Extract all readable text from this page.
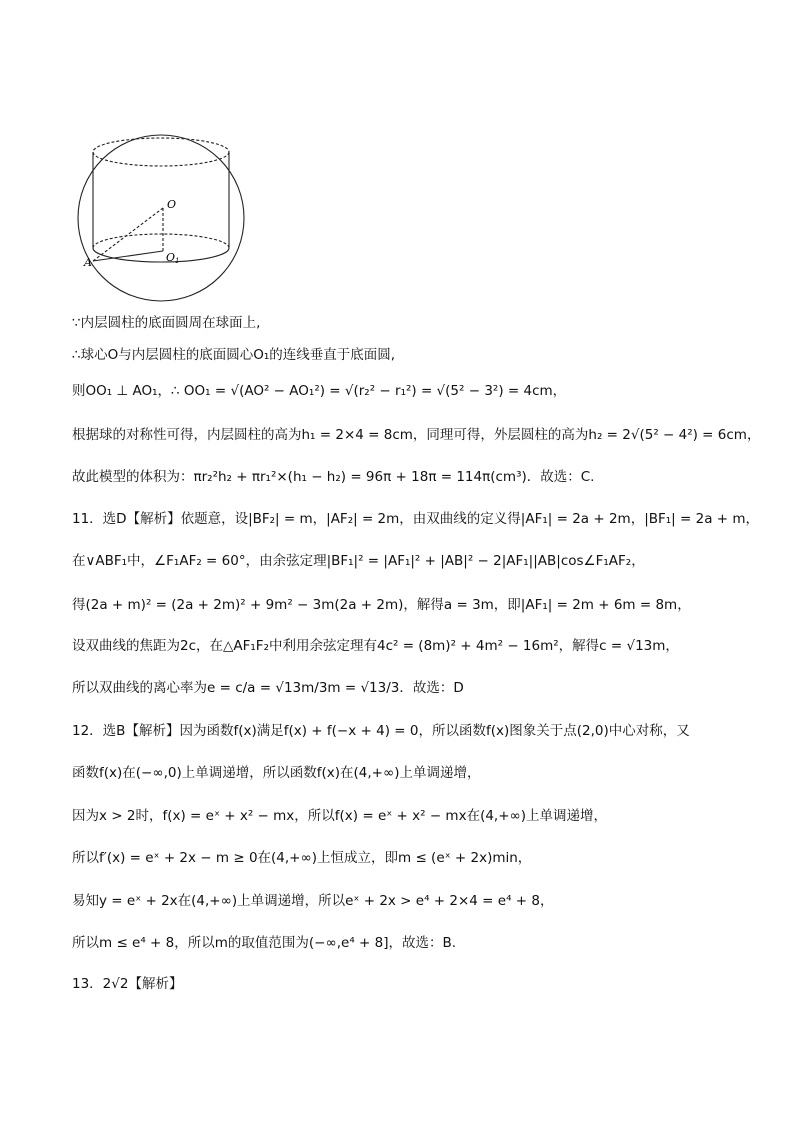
O
O1
A
∵内层圆柱的底面圆周在球面上,
∴球心O与内层圆柱的底面圆心O₁的连线垂直于底面圆,
则OO₁ ⊥ AO₁，∴ OO₁ = √(AO² − AO₁²) = √(r₂² − r₁²) = √(5² − 3²) = 4cm，
根据球的对称性可得，内层圆柱的高为h₁ = 2×4 = 8cm，同理可得，外层圆柱的高为h₂ = 2√(5² − 4²) = 6cm，
故此模型的体积为：πr₂²h₂ + πr₁²×(h₁ − h₂) = 96π + 18π = 114π(cm³)．故选：C.
11．选D【解析】依题意，设|BF₂| = m，|AF₂| = 2m，由双曲线的定义得|AF₁| = 2a + 2m，|BF₁| = 2a + m，
在∨ABF₁中，∠F₁AF₂ = 60°，由余弦定理|BF₁|² = |AF₁|² + |AB|² − 2|AF₁||AB|cos∠F₁AF₂，
得(2a + m)² = (2a + 2m)² + 9m² − 3m(2a + 2m)，解得a = 3m，即|AF₁| = 2m + 6m = 8m，
设双曲线的焦距为2c，在△AF₁F₂中利用余弦定理有4c² = (8m)² + 4m² − 16m²，解得c = √13m，
所以双曲线的离心率为e = c/a = √13m/3m = √13/3．故选：D
12．选B【解析】因为函数f(x)满足f(x) + f(−x + 4) = 0，所以函数f(x)图象关于点(2,0)中心对称，又
函数f(x)在(−∞,0)上单调递增，所以函数f(x)在(4,+∞)上单调递增，
因为x > 2时，f(x) = eˣ + x² − mx，所以f(x) = eˣ + x² − mx在(4,+∞)上单调递增，
所以f′(x) = eˣ + 2x − m ≥ 0在(4,+∞)上恒成立，即m ≤ (eˣ + 2x)min，
易知y = eˣ + 2x在(4,+∞)上单调递增，所以eˣ + 2x > e⁴ + 2×4 = e⁴ + 8，
所以m ≤ e⁴ + 8，所以m的取值范围为(−∞,e⁴ + 8]，故选：B.
13．2√2【解析】
